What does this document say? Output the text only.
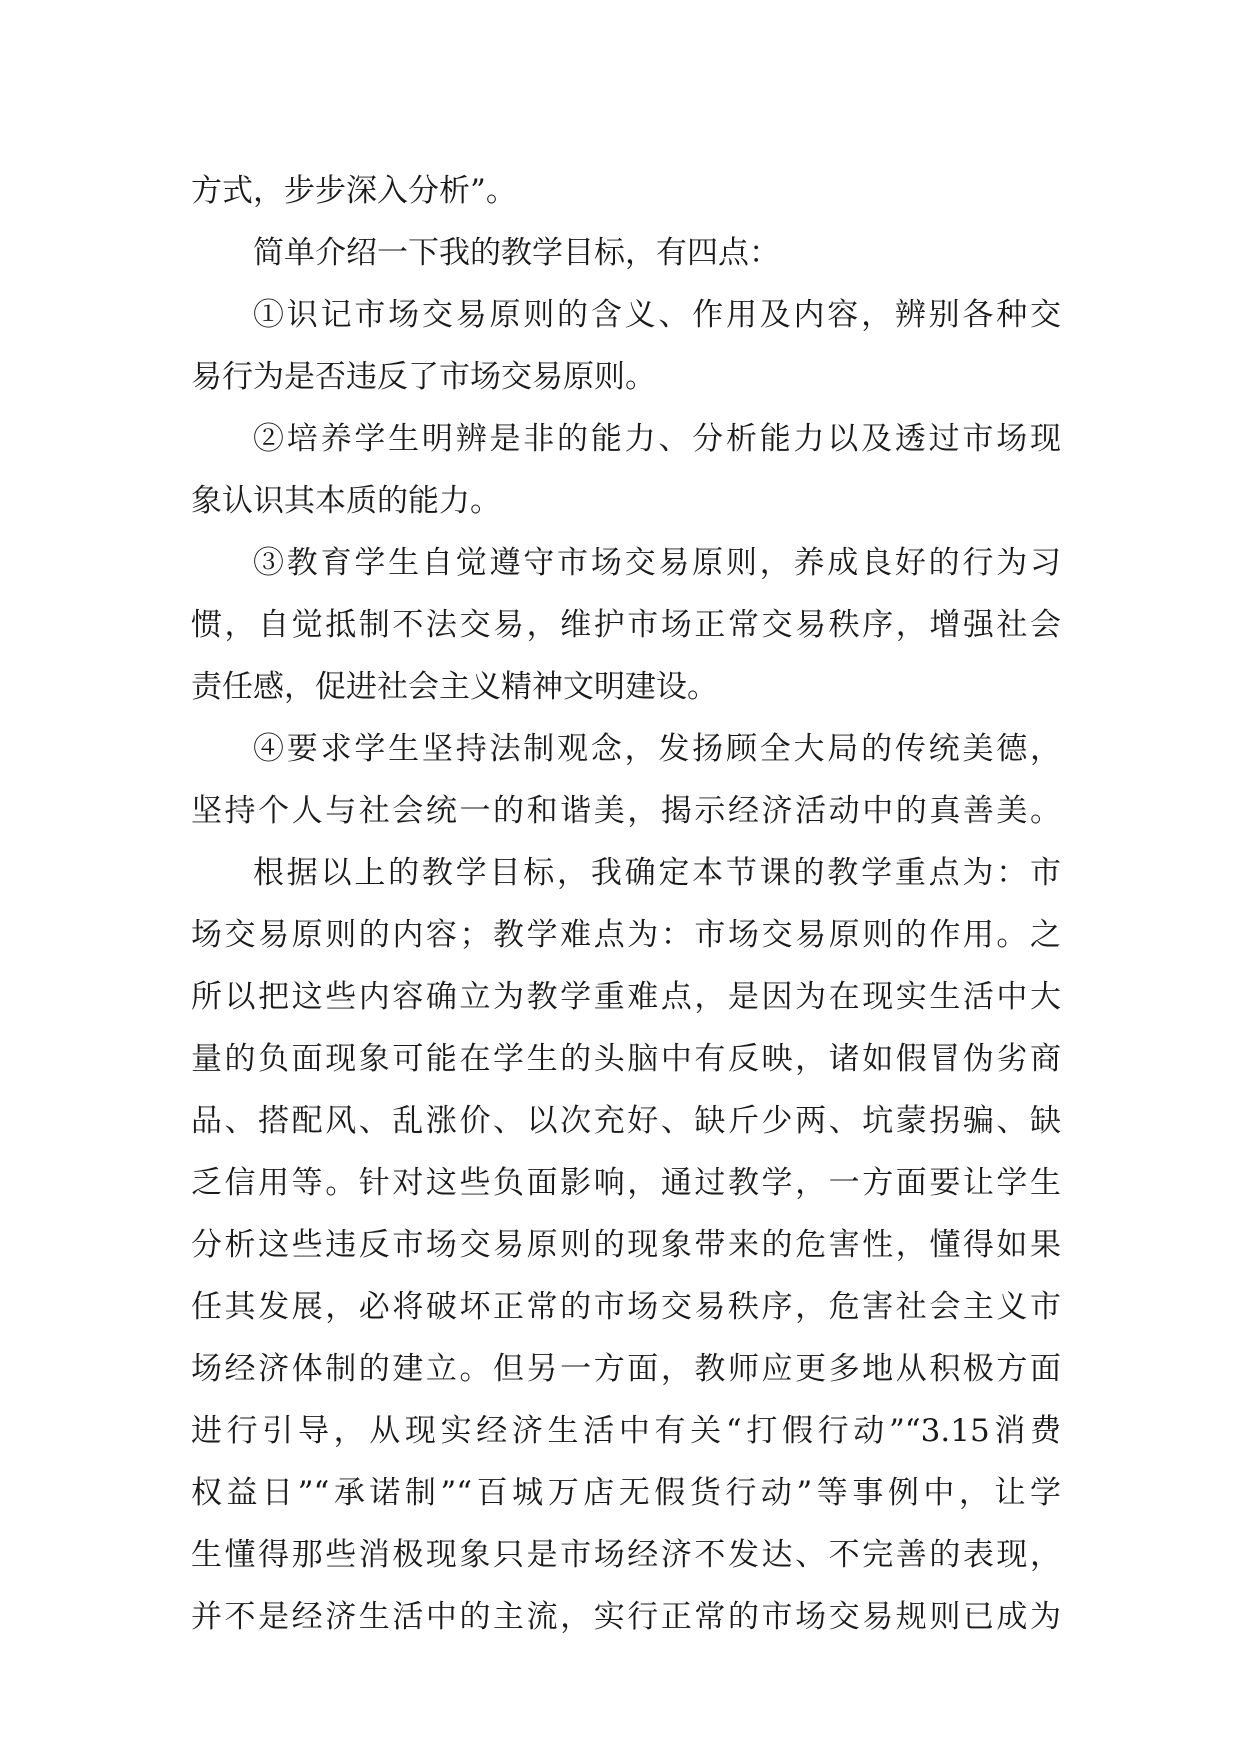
方式，步步深入分析”。
简单介绍一下我的教学目标，有四点：
①识记市场交易原则的含义、作用及内容，辨别各种交
易行为是否违反了市场交易原则。
②培养学生明辨是非的能力、分析能力以及透过市场现
象认识其本质的能力。
③教育学生自觉遵守市场交易原则，养成良好的行为习
惯，自觉抵制不法交易，维护市场正常交易秩序，增强社会
责任感，促进社会主义精神文明建设。
④要求学生坚持法制观念，发扬顾全大局的传统美德，
坚持个人与社会统一的和谐美，揭示经济活动中的真善美。
根据以上的教学目标，我确定本节课的教学重点为：市
场交易原则的内容；教学难点为：市场交易原则的作用。之
所以把这些内容确立为教学重难点，是因为在现实生活中大
量的负面现象可能在学生的头脑中有反映，诸如假冒伪劣商
品、搭配风、乱涨价、以次充好、缺斤少两、坑蒙拐骗、缺
乏信用等。针对这些负面影响，通过教学，一方面要让学生
分析这些违反市场交易原则的现象带来的危害性，懂得如果
任其发展，必将破坏正常的市场交易秩序，危害社会主义市
场经济体制的建立。但另一方面，教师应更多地从积极方面
进行引导，从现实经济生活中有关“打假行动”“3.15消费
权益日”“承诺制”“百城万店无假货行动”等事例中，让学
生懂得那些消极现象只是市场经济不发达、不完善的表现，
并不是经济生活中的主流，实行正常的市场交易规则已成为
